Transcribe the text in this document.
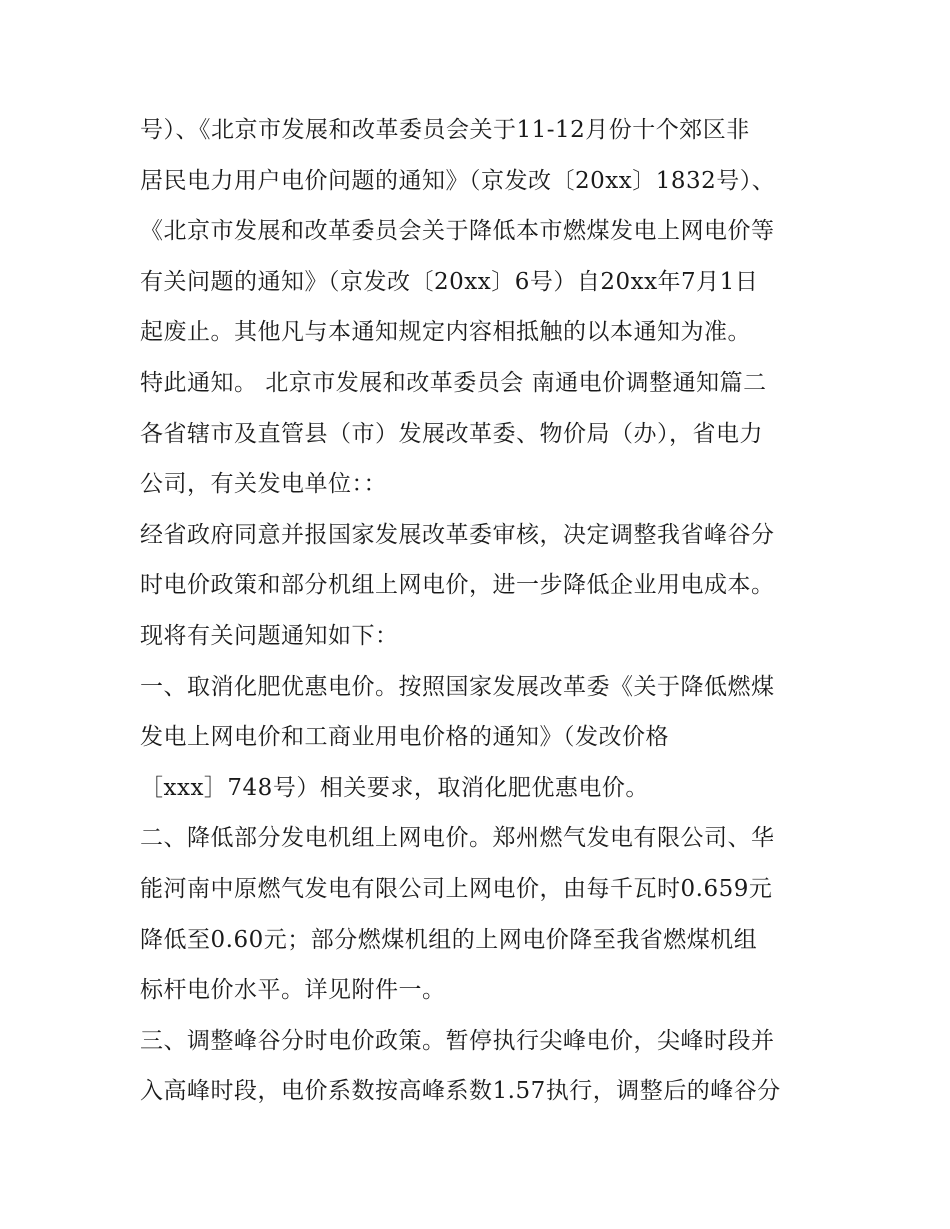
号）、《北京市发展和改革委员会关于11-12月份十个郊区非
居民电力用户电价问题的通知》（京发改〔20xx〕1832号）、
《北京市发展和改革委员会关于降低本市燃煤发电上网电价等
有关问题的通知》（京发改〔20xx〕6号）自20xx年7月1日
起废止。其他凡与本通知规定内容相抵触的以本通知为准。
特此通知。 北京市发展和改革委员会 南通电价调整通知篇二
各省辖市及直管县（市）发展改革委、物价局（办），省电力
公司，有关发电单位：：
经省政府同意并报国家发展改革委审核，决定调整我省峰谷分
时电价政策和部分机组上网电价，进一步降低企业用电成本。
现将有关问题通知如下：
一、取消化肥优惠电价。按照国家发展改革委《关于降低燃煤
发电上网电价和工商业用电价格的通知》（发改价格
［xxx］748号）相关要求，取消化肥优惠电价。
二、降低部分发电机组上网电价。郑州燃气发电有限公司、华
能河南中原燃气发电有限公司上网电价，由每千瓦时0.659元
降低至0.60元；部分燃煤机组的上网电价降至我省燃煤机组
标杆电价水平。详见附件一。
三、调整峰谷分时电价政策。暂停执行尖峰电价，尖峰时段并
入高峰时段，电价系数按高峰系数1.57执行，调整后的峰谷分
